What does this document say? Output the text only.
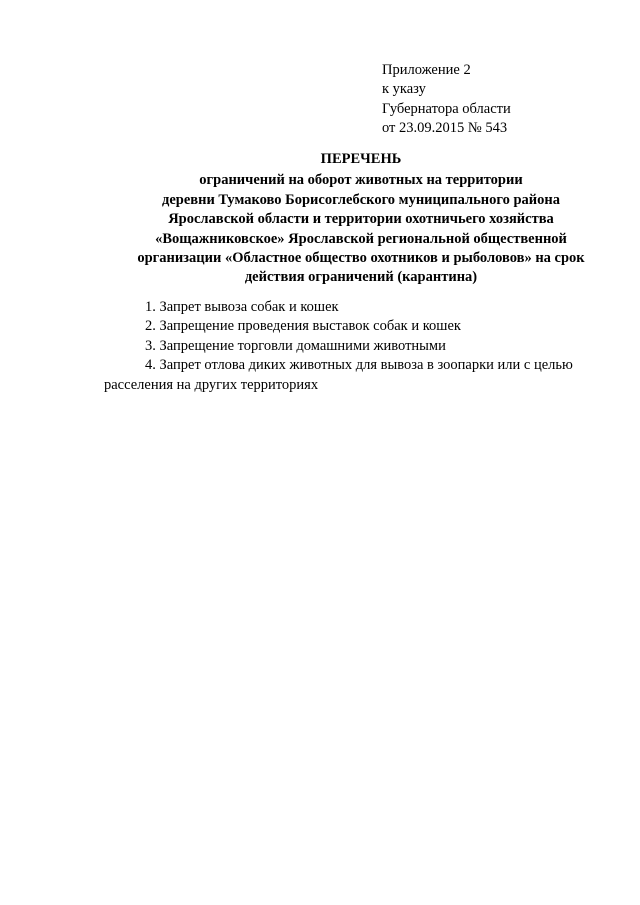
Приложение 2
к указу
Губернатора области
от 23.09.2015 № 543
ПЕРЕЧЕНЬ
ограничений на оборот животных на территории
деревни Тумаково Борисоглебского муниципального района
Ярославской области и территории охотничьего хозяйства
«Вощажниковское» Ярославской региональной общественной
организации «Областное общество охотников и рыболовов» на срок
действия ограничений (карантина)

1. Запрет вывоза собак и кошек

2. Запрещение проведения выставок собак и кошек

3. Запрещение торговли домашними животными

4. Запрет отлова диких животных для вывоза в зоопарки или с целью расселения на других территориях
